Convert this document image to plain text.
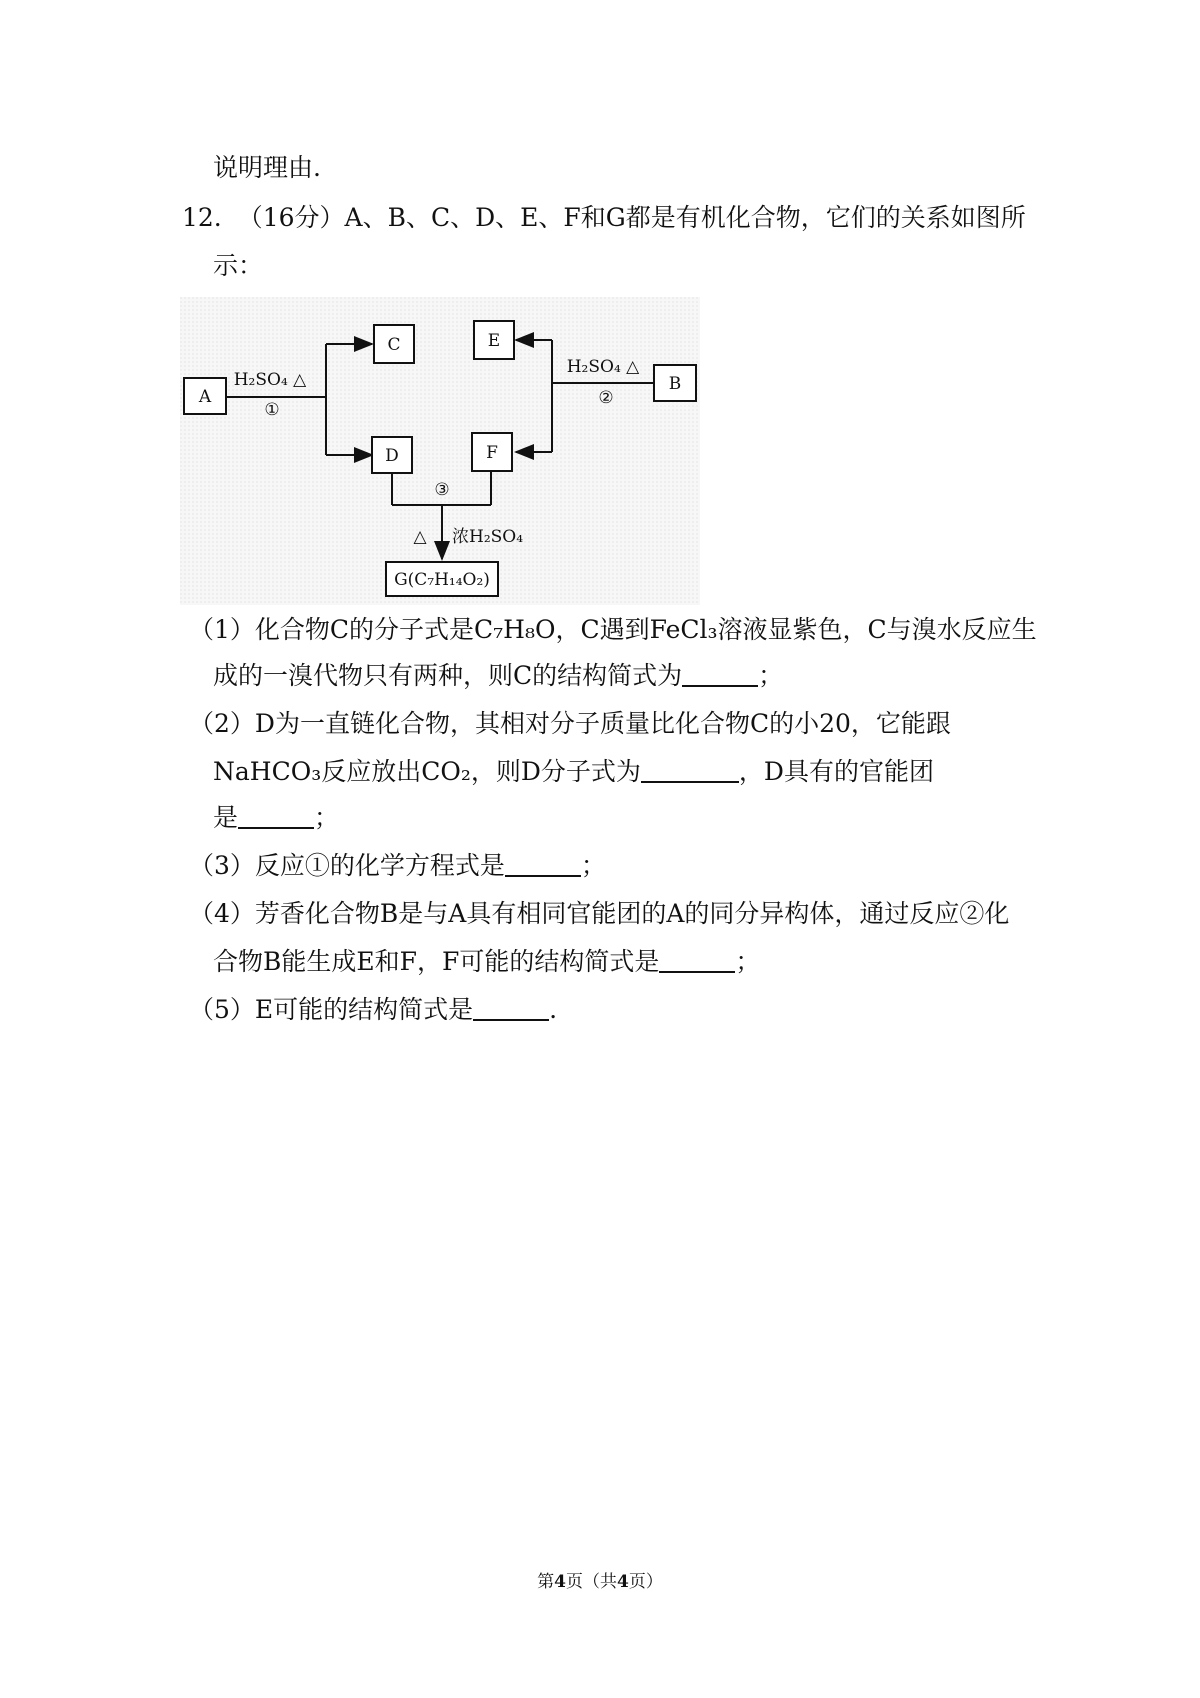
说明理由.
12. （16分）A、B、C、D、E、F和G都是有机化合物，它们的关系如图所
示：
A
C	E
B
D	F
G(C₇H₁₄O₂)
H₂SO₄ △
①
H₂SO₄ △
②
③
△ 浓H₂SO₄
（1）化合物C的分子式是C₇H₈O，C遇到FeCl₃溶液显紫色，C与溴水反应生
成的一溴代物只有两种，则C的结构简式为	；
（2）D为一直链化合物，其相对分子质量比化合物C的小20，它能跟
NaHCO₃反应放出CO₂，则D分子式为	，D具有的官能团
是	；
（3）反应①的化学方程式是	；
（4）芳香化合物B是与A具有相同官能团的A的同分异构体，通过反应②化
合物B能生成E和F，F可能的结构简式是	；
（5）E可能的结构简式是	.
第4页（共4页）
